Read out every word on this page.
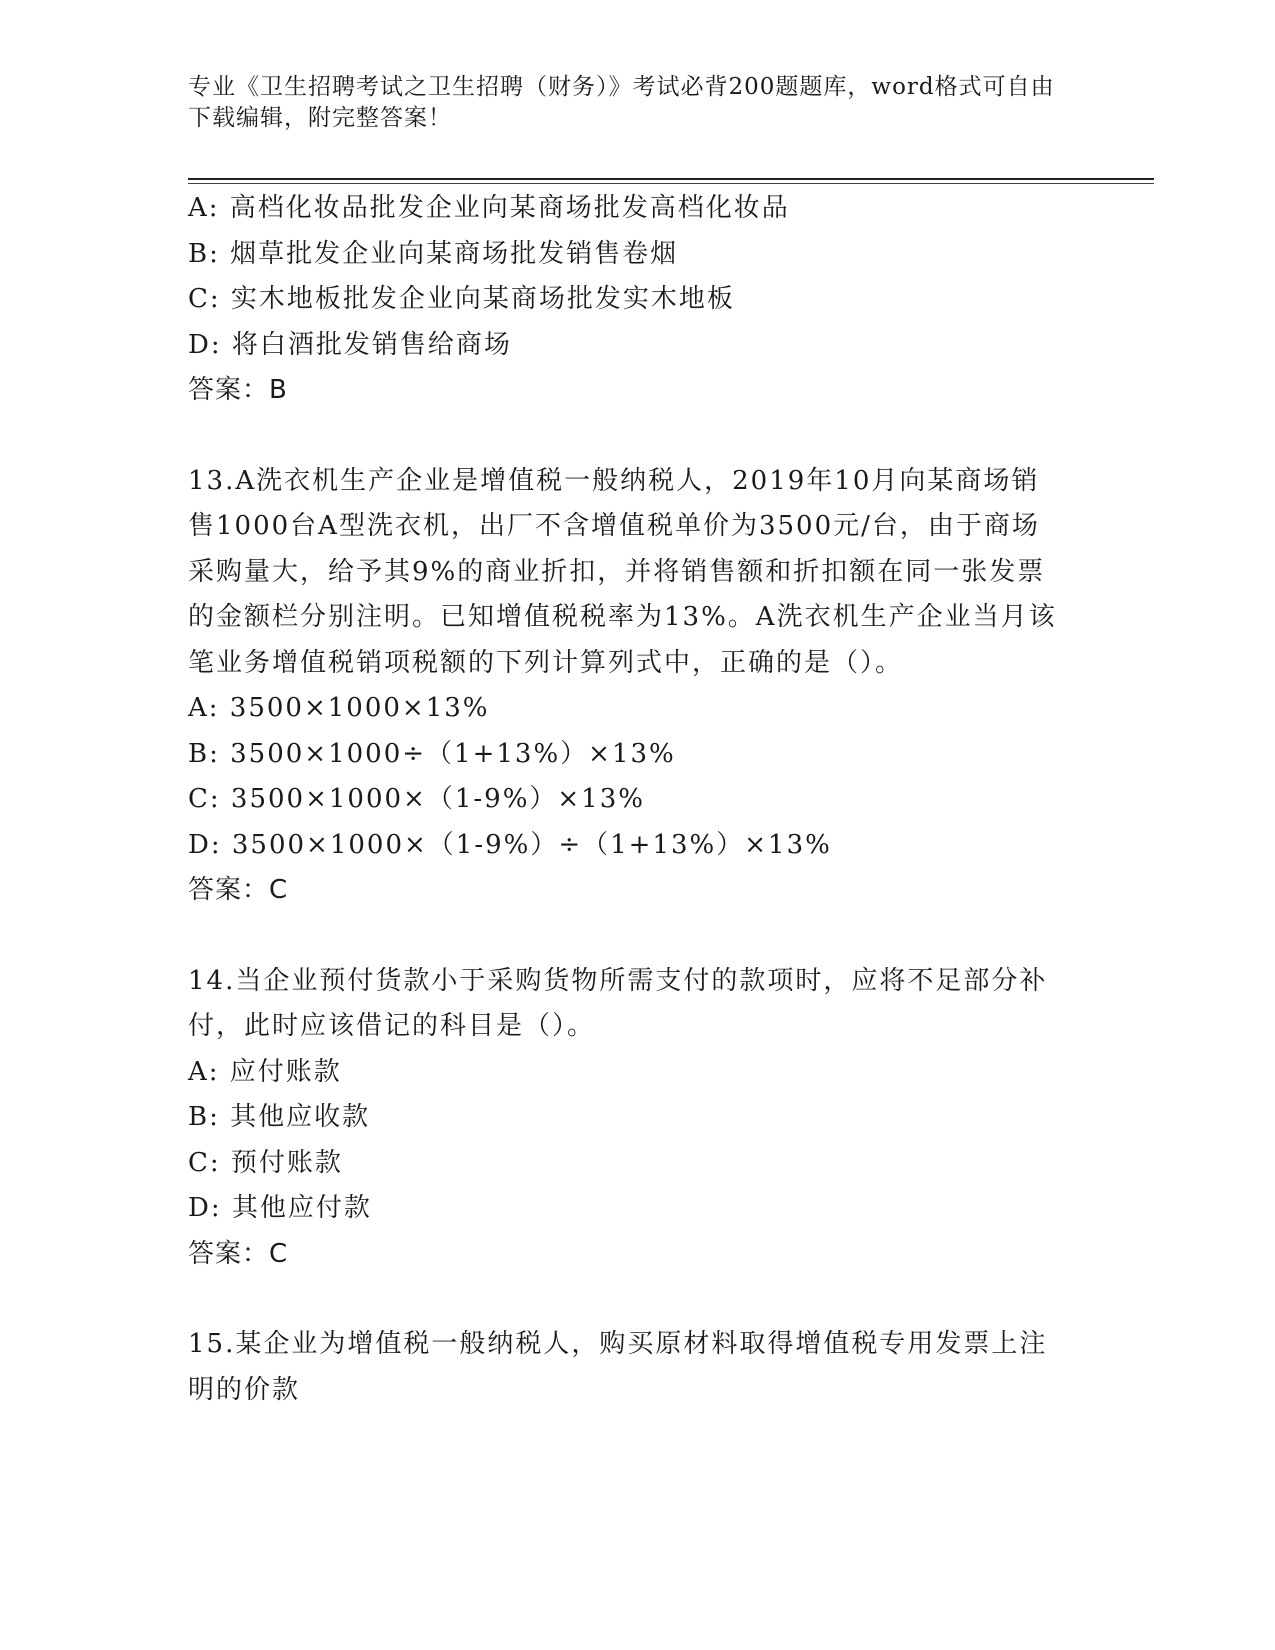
专业《卫生招聘考试之卫生招聘（财务）》考试必背200题题库，word格式可自由下载编辑，附完整答案！
A: 高档化妆品批发企业向某商场批发高档化妆品
B: 烟草批发企业向某商场批发销售卷烟
C: 实木地板批发企业向某商场批发实木地板
D: 将白酒批发销售给商场
答案：B
13.A洗衣机生产企业是增值税一般纳税人，2019年10月向某商场销
售1000台A型洗衣机，出厂不含增值税单价为3500元/台，由于商场
采购量大，给予其9%的商业折扣，并将销售额和折扣额在同一张发票
的金额栏分别注明。已知增值税税率为13%。A洗衣机生产企业当月该
笔业务增值税销项税额的下列计算列式中，正确的是（）。
A: 3500×1000×13%
B: 3500×1000÷（1+13%）×13%
C: 3500×1000×（1-9%）×13%
D: 3500×1000×（1-9%）÷（1+13%）×13%
答案：C
14.当企业预付货款小于采购货物所需支付的款项时，应将不足部分补
付，此时应该借记的科目是（）。
A: 应付账款
B: 其他应收款
C: 预付账款
D: 其他应付款
答案：C
15.某企业为增值税一般纳税人，购买原材料取得增值税专用发票上注
明的价款
